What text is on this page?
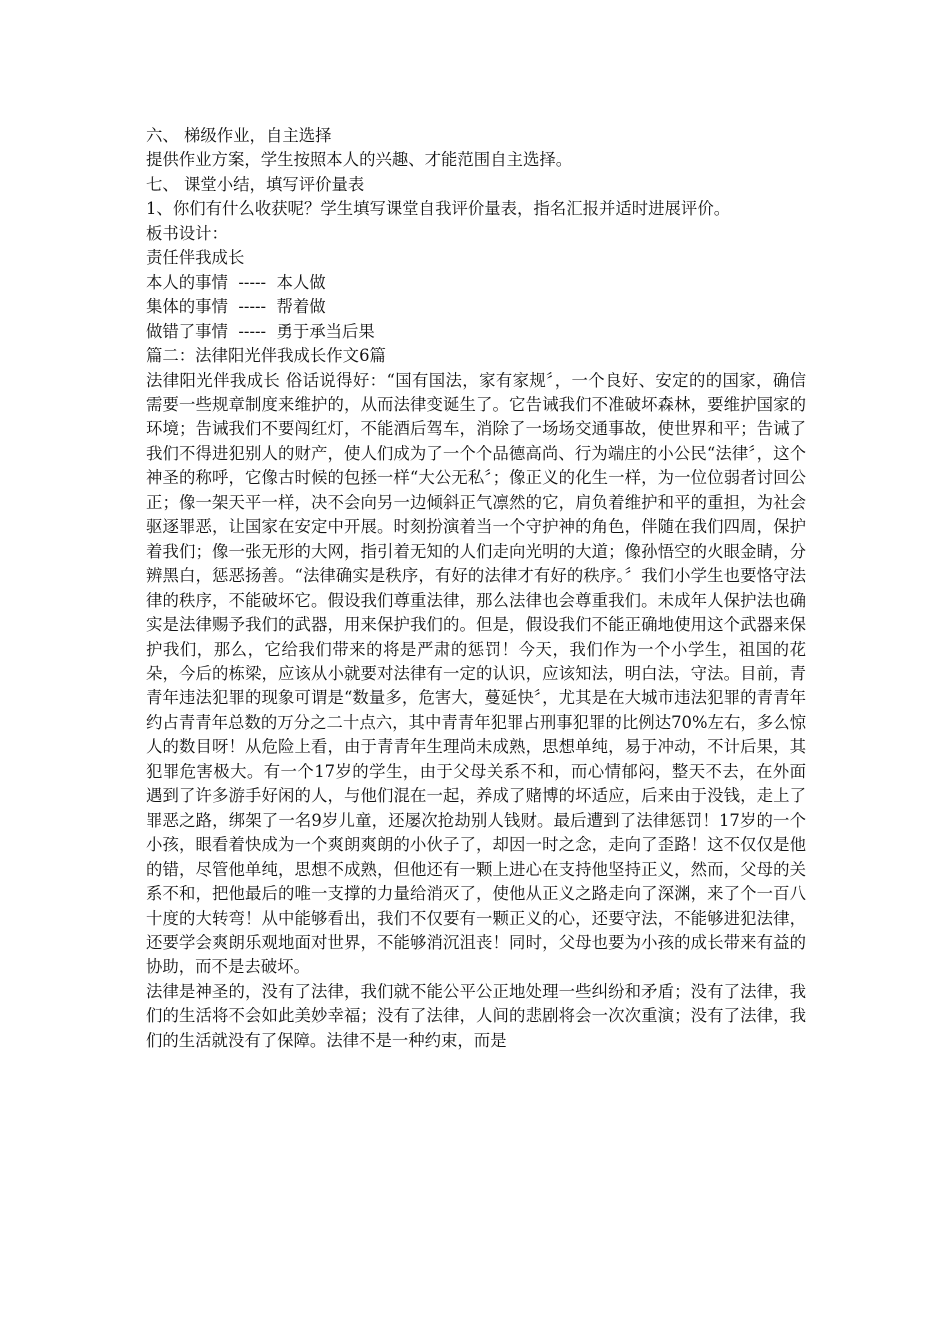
六、 梯级作业，自主选择
提供作业方案，学生按照本人的兴趣、才能范围自主选择。
七、 课堂小结，填写评价量表
1、你们有什么收获呢？学生填写课堂自我评价量表，指名汇报并适时进展评价。
板书设计：
责任伴我成长
本人的事情  -----  本人做
集体的事情  -----  帮着做
做错了事情  -----  勇于承当后果
篇二：法律阳光伴我成长作文6篇
法律阳光伴我成长 俗话说得好：“国有国法，家有家规〞，一个良好、安定的的国家，确信需要一些规章制度来维护的，从而法律变诞生了。它告诫我们不准破坏森林，要维护国家的环境；告诫我们不要闯红灯，不能酒后驾车，消除了一场场交通事故，使世界和平；告诫了我们不得进犯别人的财产，使人们成为了一个个品德高尚、行为端庄的小公民“法律〞，这个神圣的称呼，它像古时候的包拯一样“大公无私〞；像正义的化生一样，为一位位弱者讨回公正；像一架天平一样，决不会向另一边倾斜正气凛然的它，肩负着维护和平的重担，为社会驱逐罪恶，让国家在安定中开展。时刻扮演着当一个守护神的角色，伴随在我们四周，保护着我们；像一张无形的大网，指引着无知的人们走向光明的大道；像孙悟空的火眼金睛，分辨黑白，惩恶扬善。“法律确实是秩序，有好的法律才有好的秩序。〞我们小学生也要恪守法律的秩序，不能破坏它。假设我们尊重法律，那么法律也会尊重我们。未成年人保护法也确实是法律赐予我们的武器，用来保护我们的。但是，假设我们不能正确地使用这个武器来保护我们，那么，它给我们带来的将是严肃的惩罚！今天，我们作为一个小学生，祖国的花朵，今后的栋梁，应该从小就要对法律有一定的认识，应该知法，明白法，守法。目前，青青年违法犯罪的现象可谓是“数量多，危害大，蔓延快〞，尤其是在大城市违法犯罪的青青年约占青青年总数的万分之二十点六，其中青青年犯罪占刑事犯罪的比例达70%左右，多么惊人的数目呀！从危险上看，由于青青年生理尚未成熟，思想单纯，易于冲动，不计后果，其犯罪危害极大。有一个17岁的学生，由于父母关系不和，而心情郁闷，整天不去，在外面遇到了许多游手好闲的人，与他们混在一起，养成了赌博的坏适应，后来由于没钱，走上了罪恶之路，绑架了一名9岁儿童，还屡次抢劫别人钱财。最后遭到了法律惩罚！17岁的一个小孩，眼看着快成为一个爽朗爽朗的小伙子了，却因一时之念，走向了歪路！这不仅仅是他的错，尽管他单纯，思想不成熟，但他还有一颗上进心在支持他坚持正义，然而，父母的关系不和，把他最后的唯一支撑的力量给消灭了，使他从正义之路走向了深渊，来了个一百八十度的大转弯！从中能够看出，我们不仅要有一颗正义的心，还要守法，不能够进犯法律，还要学会爽朗乐观地面对世界，不能够消沉沮丧！同时，父母也要为小孩的成长带来有益的协助，而不是去破坏。
法律是神圣的，没有了法律，我们就不能公平公正地处理一些纠纷和矛盾；没有了法律，我们的生活将不会如此美妙幸福；没有了法律，人间的悲剧将会一次次重演；没有了法律，我们的生活就没有了保障。法律不是一种约束，而是
